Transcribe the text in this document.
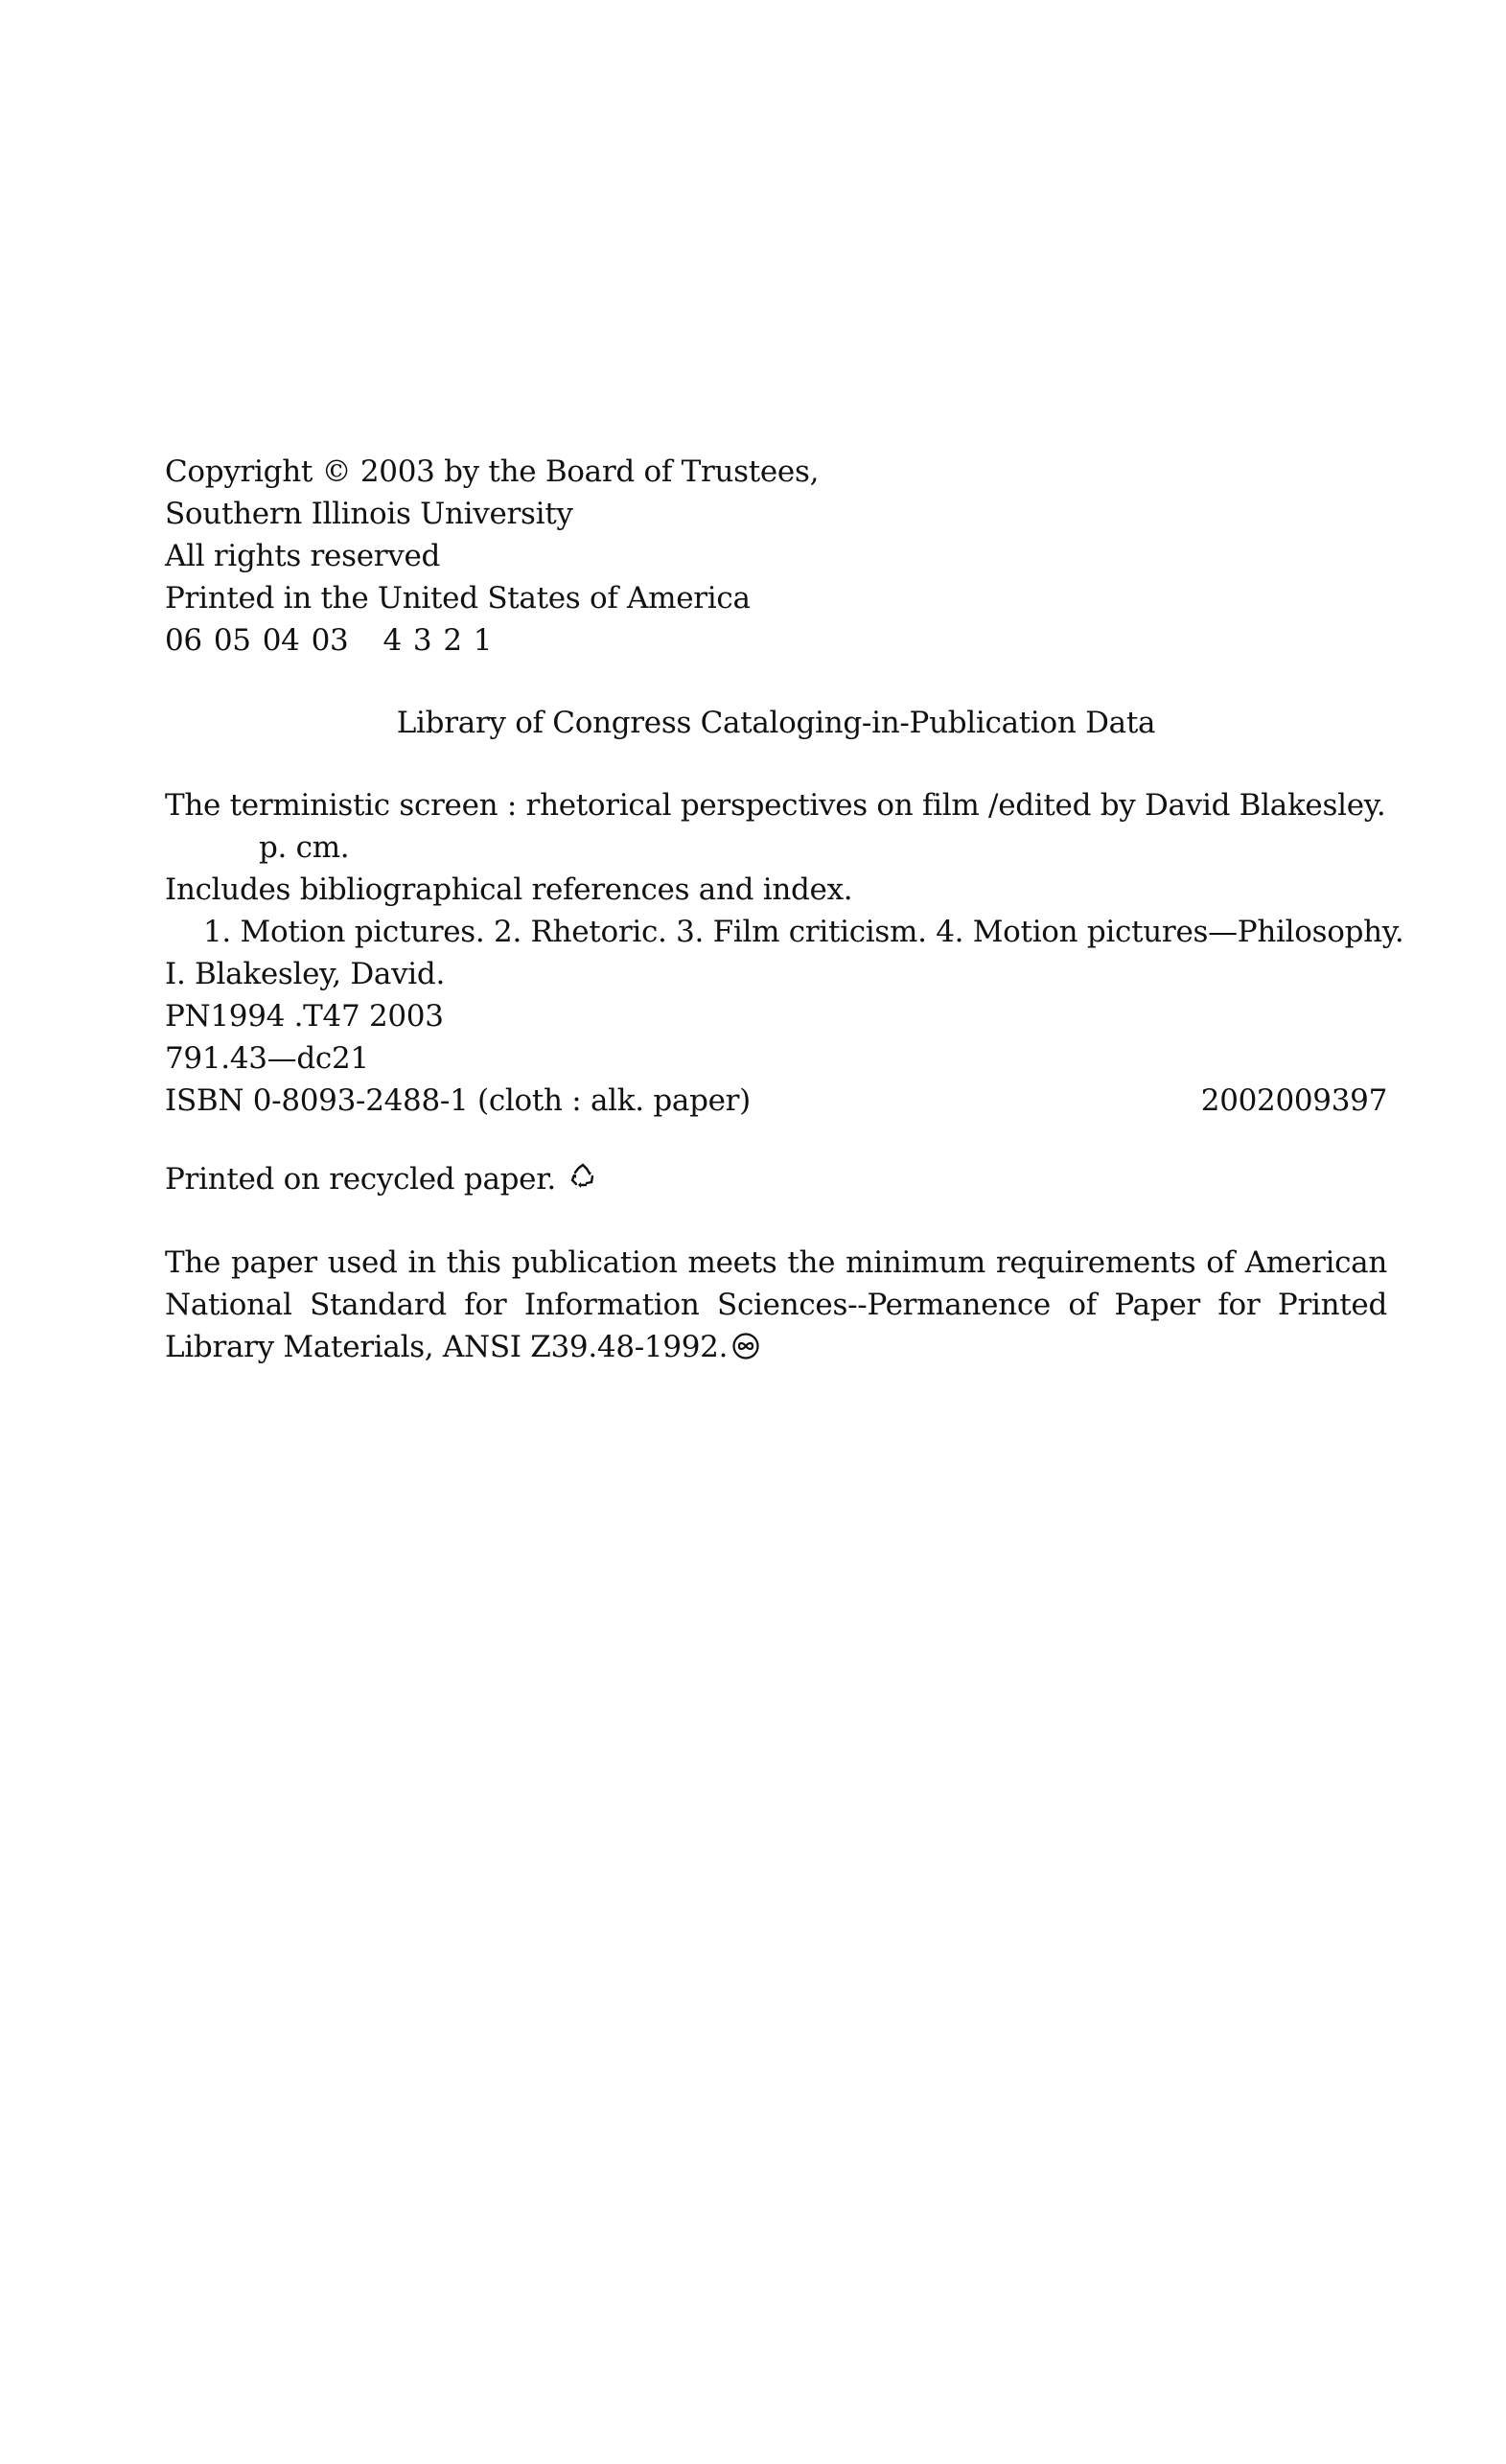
Copyright © 2003 by the Board of Trustees,
Southern Illinois University
All rights reserved
Printed in the United States of America
06 05 04 03 4 3 2 1
Library of Congress Cataloging-in-Publication Data
The terministic screen : rhetorical perspectives on film /edited by David Blakesley.
p. cm.
Includes bibliographical references and index.
1. Motion pictures. 2. Rhetoric. 3. Film criticism. 4. Motion pictures—Philosophy.
I. Blakesley, David.
PN1994 .T47 2003
791.43—dc21
ISBN 0-8093-2488-1 (cloth : alk. paper)	2002009397
Printed on recycled paper.
The paper used in this publication meets the minimum requirements of American National Standard for Information Sciences--Permanence of Paper for Printed Library Materials, ANSI Z39.48-1992.
